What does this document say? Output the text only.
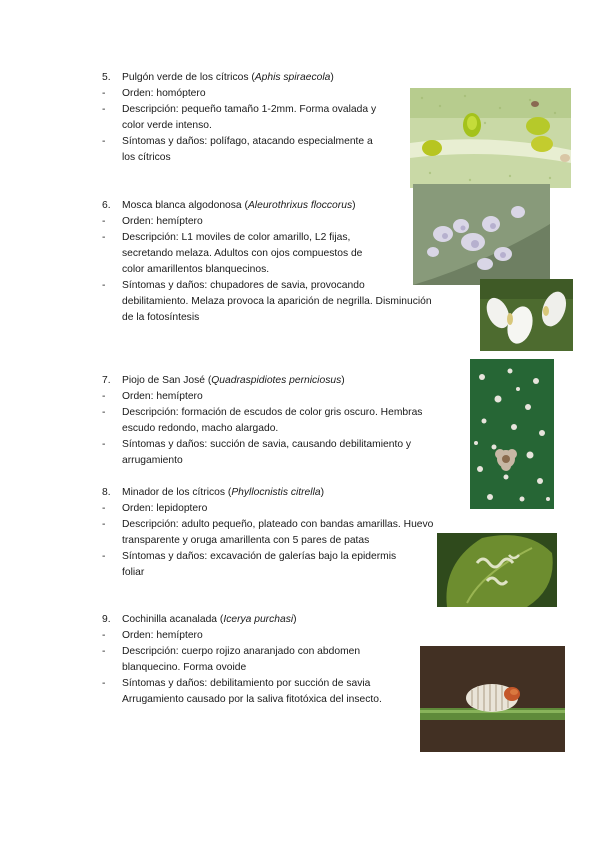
5. Pulgón verde de los cítricos (Aphis spiraecola)
- Orden: homóptero
- Descripción: pequeño tamaño 1-2mm. Forma ovalada y
color verde intenso.
- Síntomas y daños: polífago, atacando especialmente a
los cítricos
6. Mosca blanca algodonosa (Aleurothrixus floccorus)
- Orden: hemíptero
- Descripción: L1 moviles de color amarillo, L2 fijas,
secretando melaza. Adultos con ojos compuestos de
color amarillentos blanquecinos.
- Síntomas y daños: chupadores de savia, provocando
debilitamiento. Melaza provoca la aparición de negrilla. Disminución
de la fotosíntesis
7. Piojo de San José (Quadraspidiotes perniciosus)
- Orden: hemíptero
- Descripción: formación de escudos de color gris oscuro. Hembras
escudo redondo, macho alargado.
- Síntomas y daños: succión de savia, causando debilitamiento y
arrugamiento
8. Minador de los cítricos (Phyllocnistis citrella)
- Orden: lepidoptero
- Descripción: adulto pequeño, plateado con bandas amarillas. Huevo
transparente y oruga amarillenta con 5 pares de patas
- Síntomas y daños: excavación de galerías bajo la epidermis
foliar
9. Cochinilla acanalada (Icerya purchasi)
- Orden: hemíptero
- Descripción: cuerpo rojizo anaranjado con abdomen
blanquecino. Forma ovoide
- Síntomas y daños: debilitamiento por succión de savia
Arrugamiento causado por la saliva fitotóxica del insecto.
